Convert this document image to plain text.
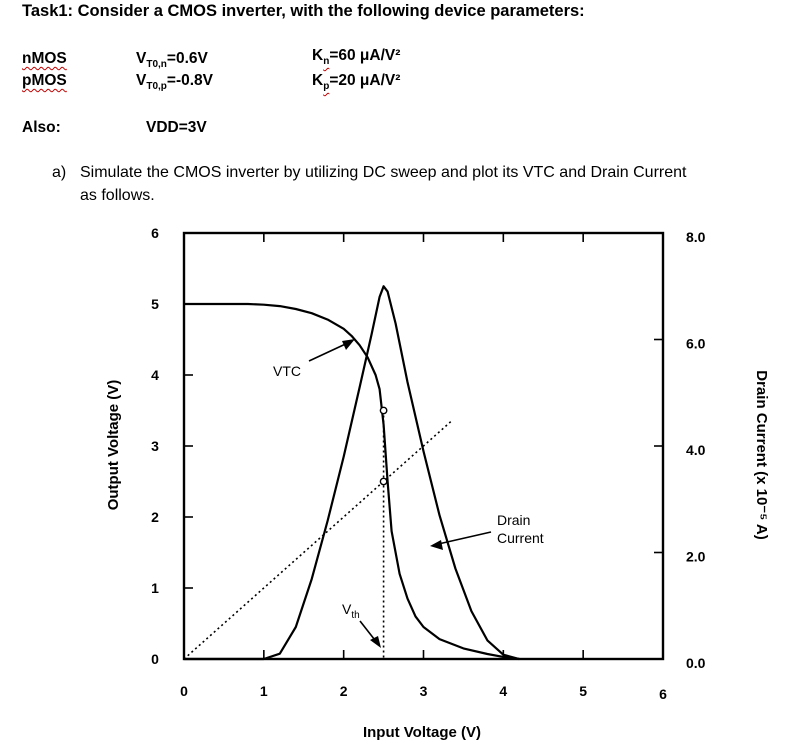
Task1: Consider a CMOS inverter, with the following device parameters:
nMOS	$V_{T0,n}=0.6V$	$K_n=60$ μA/V²
pMOS	$V_{T0,p}=-0.8V$	$K_p=20$ μA/V²
Also:	VDD=3V
a) Simulate the CMOS inverter by utilizing DC sweep and plot its VTC and Drain Current
as follows.
0	1	2	3	4	5	6
0
1
2
3
4
5
6
0.0
2.0
4.0
6.0
8.0
Input Voltage (V)
Output Voltage (V)	Drain Current (x 10⁻⁵ A)
VTC
Drain
Current
$V_{th}$
